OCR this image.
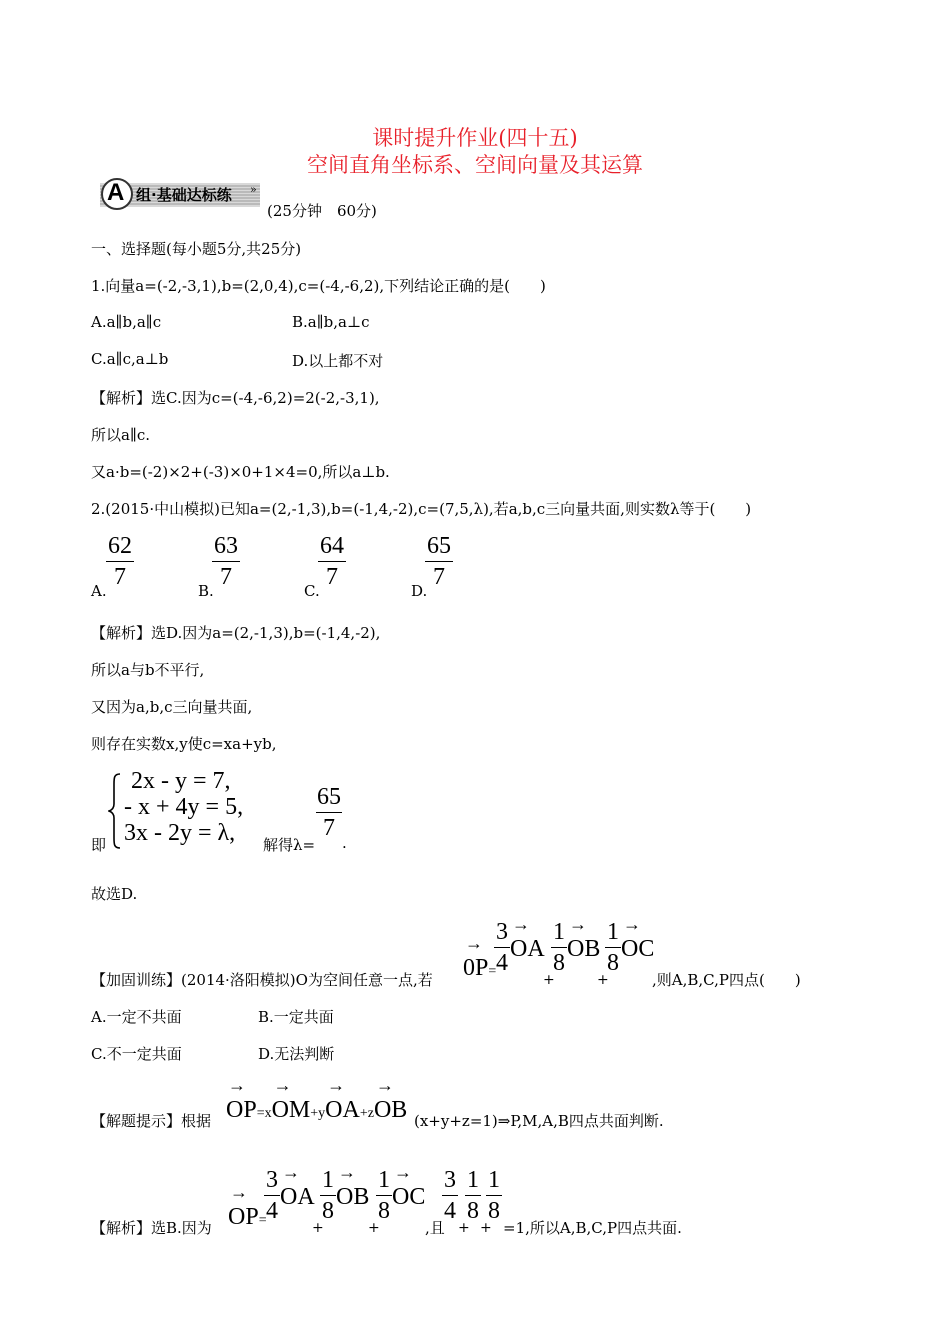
课时提升作业(四十五)
空间直角坐标系、空间向量及其运算
A 组·基础达标练 »
(25分钟　60分)
一、选择题(每小题5分,共25分)
1.向量a=(-2,-3,1),b=(2,0,4),c=(-4,-6,2),下列结论正确的是(　　)
A.a∥b,a∥c	B.a∥b,a⊥c
C.a∥c,a⊥b	D.以上都不对
【解析】选C.因为c=(-4,-6,2)=2(-2,-3,1),
所以a∥c.
又a·b=(-2)×2+(-3)×0+1×4=0,所以a⊥b.
2.(2015·中山模拟)已知a=(2,-1,3),b=(-1,4,-2),c=(7,5,λ),若a,b,c三向量共面,则实数λ等于(　　)
A.
62
7
B.
63
7
C.
64
7
D.
65
7
【解析】选D.因为a=(2,-1,3),b=(-1,4,-2),
所以a与b不平行,
又因为a,b,c三向量共面,
则存在实数x,y使c=xa+yb,
即
2x - y = 7,
- x + 4y = 5,
3x - 2y = λ, 解得λ=
65
7
.
故选D.
【加固训练】(2014·洛阳模拟)O为空间任意一点,若
→
0P=
3
4
→
OA
+
1
8
→
OB
+
1
8
→
OC
,则A,B,C,P四点(　　)
A.一定不共面	B.一定共面
C.不一定共面	D.无法判断
【解题提示】根据
→
OP=x
→
OM+y
→
OA+z
→
OB (x+y+z=1)⇒P,M,A,B四点共面判断.
【解析】选B.因为
→
OP=
3
4
→
OA
+
1
8
→
OB
+
1
8
→
OC
,且
3
4
+
1
8
+
1
8
=1,所以A,B,C,P四点共面.
